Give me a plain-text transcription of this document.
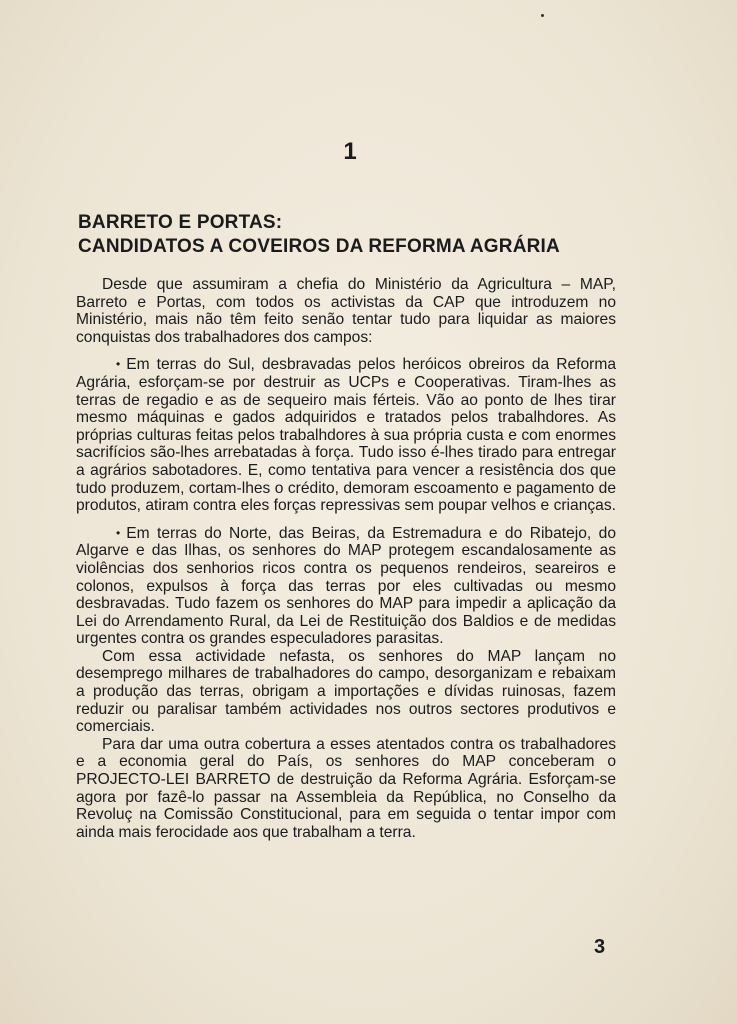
1
BARRETO E PORTAS:
CANDIDATOS A COVEIROS DA REFORMA AGRÁRIA

Desde que assumiram a chefia do Ministério da Agricultura – MAP, Barreto e Portas, com todos os activistas da CAP que introduzem no Ministério, mais não têm feito senão tentar tudo para liquidar as maiores conquistas dos trabalhadores dos campos:

• Em terras do Sul, desbravadas pelos heróicos obreiros da Reforma Agrária, esforçam-se por destruir as UCPs e Cooperativas. Tiram-lhes as terras de regadio e as de sequeiro mais férteis. Vão ao ponto de lhes tirar mesmo máquinas e gados adquiridos e tratados pelos trabalhdores. As próprias culturas feitas pelos trabalhdores à sua própria custa e com enormes sacrifícios são-lhes arrebatadas à força. Tudo isso é-lhes tirado para entregar a agrários sabotadores. E, como tentativa para vencer a resistência dos que tudo produzem, cortam-lhes o crédito, demoram escoamento e pagamento de produtos, atiram contra eles forças repressivas sem poupar velhos e crianças.

• Em terras do Norte, das Beiras, da Estremadura e do Ribatejo, do Algarve e das Ilhas, os senhores do MAP protegem escandalosamente as violências dos senhorios ricos contra os pequenos rendeiros, seareiros e colonos, expulsos à força das terras por eles cultivadas ou mesmo desbravadas. Tudo fazem os senhores do MAP para impedir a aplicação da Lei do Arrendamento Rural, da Lei de Restituição dos Baldios e de medidas urgentes contra os grandes especuladores parasitas.

Com essa actividade nefasta, os senhores do MAP lançam no desemprego milhares de trabalhadores do campo, desorganizam e rebaixam a produção das terras, obrigam a importações e dívidas ruinosas, fazem reduzir ou paralisar também actividades nos outros sectores produtivos e comerciais.

Para dar uma outra cobertura a esses atentados contra os trabalhadores e a economia geral do País, os senhores do MAP conceberam o PROJECTO-LEI BARRETO de destruição da Reforma Agrária. Esforçam-se agora por fazê-lo passar na Assembleia da República, no Conselho da Revoluç na Comissão Constitucional, para em seguida o tentar impor com ainda mais ferocidade aos que trabalham a terra.

3
